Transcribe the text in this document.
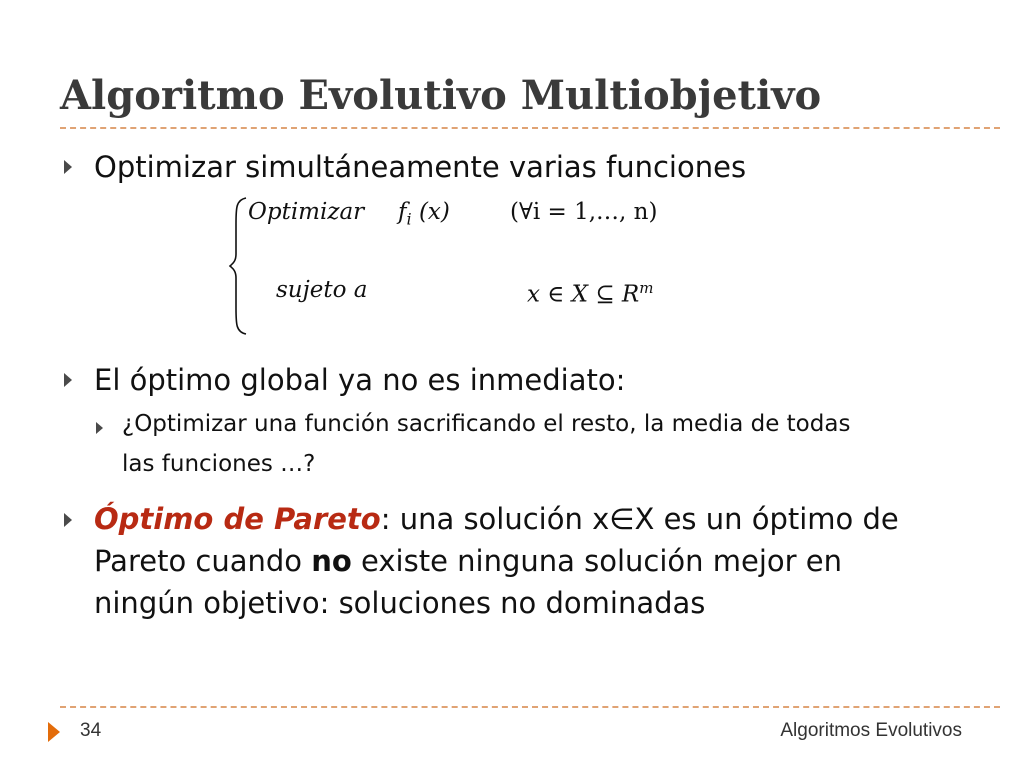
Algoritmo Evolutivo Multiobjetivo
Optimizar simultáneamente varias funciones
Optimizar $f_i$ (x)	(∀i = 1,…, n)
sujeto a	x ∈ X ⊆ $R^m$
El óptimo global ya no es inmediato:
¿Optimizar una función sacrificando el resto, la media de todas
las funciones …?
Óptimo de Pareto: una solución x∈X es un óptimo de
Pareto cuando no existe ninguna solución mejor en
ningún objetivo: soluciones no dominadas
34	Algoritmos Evolutivos
